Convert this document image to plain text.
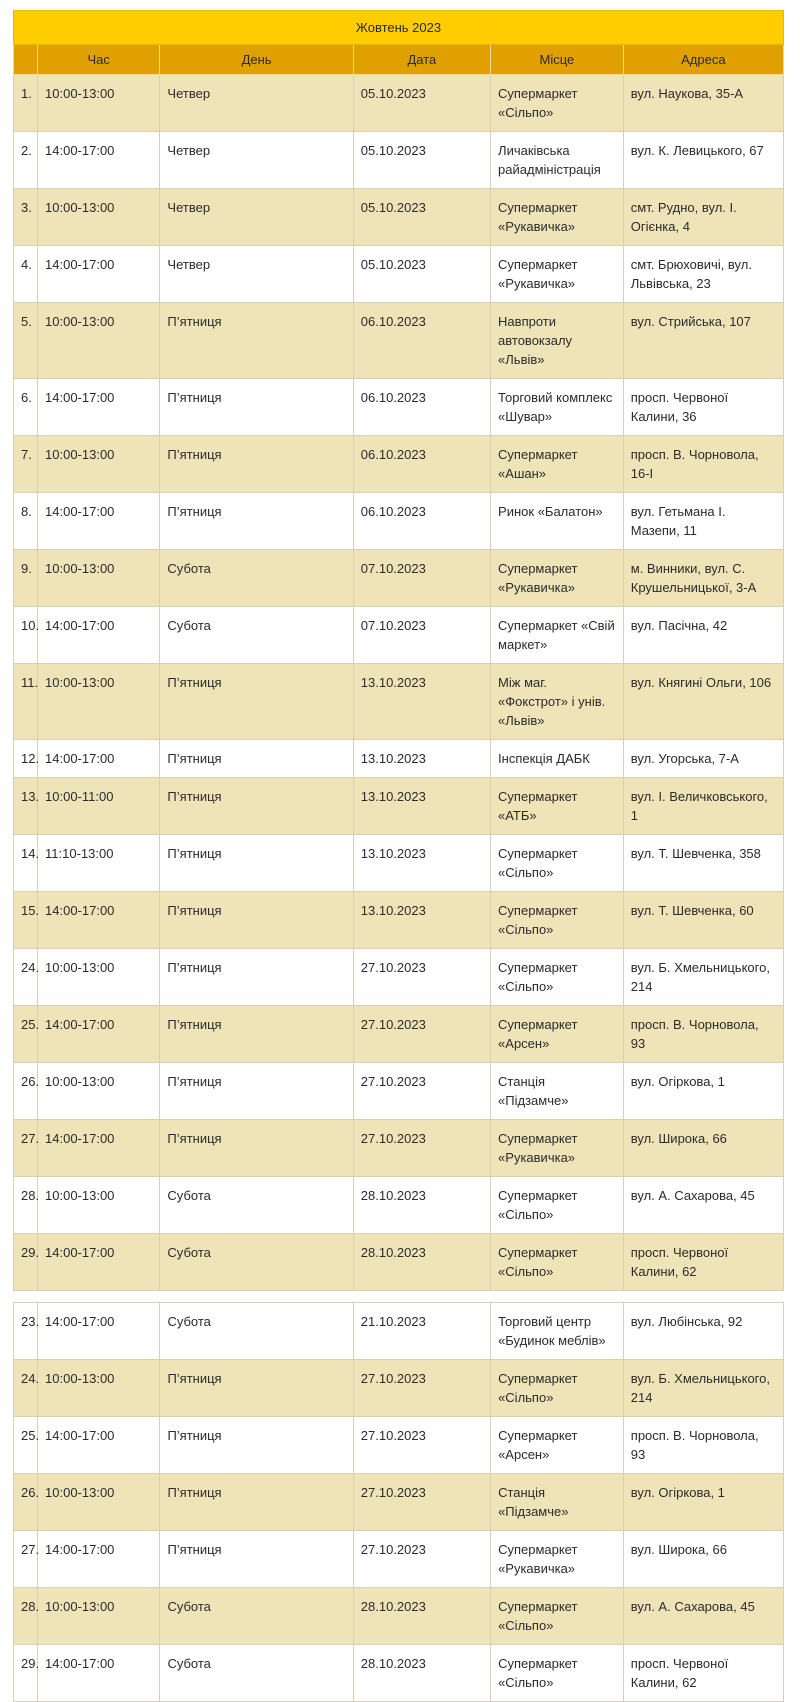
Жовтень 2023					
	Час	День	Дата	Місце	Адреса
1.	10:00-13:00	Четвер	05.10.2023	Супермаркет «Сільпо»	вул. Наукова, 35-А
2.	14:00-17:00	Четвер	05.10.2023	Личаківська райадміністрація	вул. К. Левицького, 67
3.	10:00-13:00	Четвер	05.10.2023	Супермаркет «Рукавичка»	смт. Рудно, вул. І. Огієнка, 4
4.	14:00-17:00	Четвер	05.10.2023	Супермаркет «Рукавичка»	смт. Брюховичі, вул. Львівська, 23
5.	10:00-13:00	П’ятниця	06.10.2023	Навпроти автовокзалу «Львів»	вул. Стрийська, 107
6.	14:00-17:00	П’ятниця	06.10.2023	Торговий комплекс «Шувар»	просп. Червоної Калини, 36
7.	10:00-13:00	П’ятниця	06.10.2023	Супермаркет «Ашан»	просп. В. Чорновола, 16-І
8.	14:00-17:00	П’ятниця	06.10.2023	Ринок «Балатон»	вул. Гетьмана І. Мазепи, 11
9.	10:00-13:00	Субота	07.10.2023	Супермаркет «Рукавичка»	м. Винники, вул. С. Крушельницької, 3-А
10.	14:00-17:00	Субота	07.10.2023	Супермаркет «Свій маркет»	вул. Пасічна, 42
11.	10:00-13:00	П’ятниця	13.10.2023	Між маг. «Фокстрот» і унів. «Львів»	вул. Княгині Ольги, 106
12.	14:00-17:00	П’ятниця	13.10.2023	Інспекція ДАБК	вул. Угорська, 7-А
13.	10:00-11:00	П’ятниця	13.10.2023	Супермаркет «АТБ»	вул. І. Величковського, 1
14.	11:10-13:00	П’ятниця	13.10.2023	Супермаркет «Сільпо»	вул. Т. Шевченка, 358
15.	14:00-17:00	П’ятниця	13.10.2023	Супермаркет «Сільпо»	вул. Т. Шевченка, 60
24.	10:00-13:00	П’ятниця	27.10.2023	Супермаркет «Сільпо»	вул. Б. Хмельницького, 214
25.	14:00-17:00	П’ятниця	27.10.2023	Супермаркет «Арсен»	просп. В. Чорновола, 93
26.	10:00-13:00	П’ятниця	27.10.2023	Станція «Підзамче»	вул. Огіркова, 1
27.	14:00-17:00	П’ятниця	27.10.2023	Супермаркет «Рукавичка»	вул. Широка, 66
28.	10:00-13:00	Субота	28.10.2023	Супермаркет «Сільпо»	вул. А. Сахарова, 45
29.	14:00-17:00	Субота	28.10.2023	Супермаркет «Сільпо»	просп. Червоної Калини, 62
23.	14:00-17:00	Субота	21.10.2023	Торговий центр «Будинок меблів»	вул. Любінська, 92
24.	10:00-13:00	П’ятниця	27.10.2023	Супермаркет «Сільпо»	вул. Б. Хмельницького, 214
25.	14:00-17:00	П’ятниця	27.10.2023	Супермаркет «Арсен»	просп. В. Чорновола, 93
26.	10:00-13:00	П’ятниця	27.10.2023	Станція «Підзамче»	вул. Огіркова, 1
27.	14:00-17:00	П’ятниця	27.10.2023	Супермаркет «Рукавичка»	вул. Широка, 66
28.	10:00-13:00	Субота	28.10.2023	Супермаркет «Сільпо»	вул. А. Сахарова, 45
29.	14:00-17:00	Субота	28.10.2023	Супермаркет «Сільпо»	просп. Червоної Калини, 62
